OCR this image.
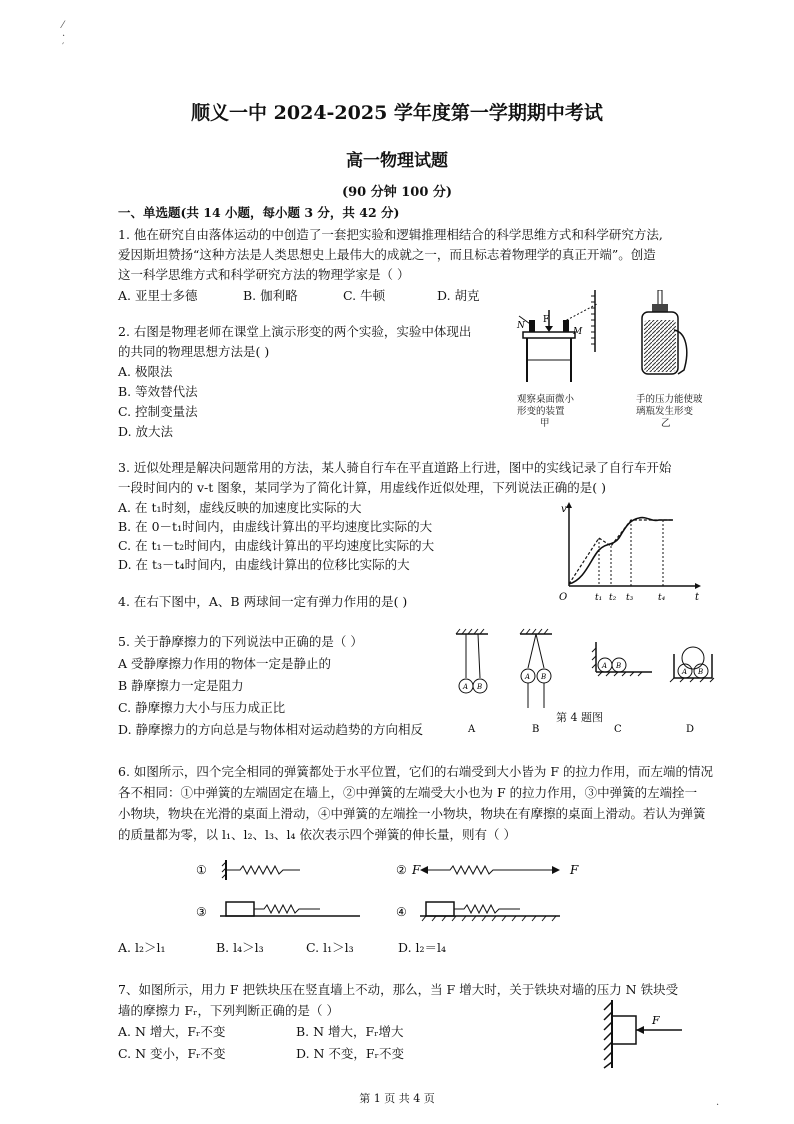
⁄
·
′
顺义一中 2024-2025 学年度第一学期期中考试
高一物理试题
(90 分钟 100 分)
一、单选题(共 14 小题，每小题 3 分，共 42 分)
1. 他在研究自由落体运动的中创造了一套把实验和逻辑推理相结合的科学思维方式和科学研究方法,
爱因斯坦赞扬“这种方法是人类思想史上最伟大的成就之一，而且标志着物理学的真正开端”。创造
这一科学思维方式和科学研究方法的物理学家是（ ）
A. 亚里士多德	B. 伽利略	C. 牛顿	D. 胡克
2. 右图是物理老师在课堂上演示形变的两个实验，实验中体现出
的共同的物理思想方法是( )
A. 极限法
B. 等效替代法
C. 控制变量法
D. 放大法
N
M
F
观察桌面微小
形变的装置
甲
手的压力能使玻
璃瓶发生形变
乙
3. 近似处理是解决问题常用的方法，某人骑自行车在平直道路上行进，图中的实线记录了自行车开始
一段时间内的 v-t 图象，某同学为了简化计算，用虚线作近似处理，下列说法正确的是( )
A. 在 t₁时刻，虚线反映的加速度比实际的大
B. 在 0－t₁时间内，由虚线计算出的平均速度比实际的大
C. 在 t₁－t₂时间内，由虚线计算出的平均速度比实际的大
D. 在 t₃－t₄时间内，由虚线计算出的位移比实际的大
v
O	t
t₁ t₂ t₃	t₄
4. 在右下图中，A、B 两球间一定有弹力作用的是( )
5. 关于静摩擦力的下列说法中正确的是（ ）
A 受静摩擦力作用的物体一定是静止的
B 静摩擦力一定是阻力
C. 静摩擦力大小与压力成正比
D. 静摩擦力的方向总是与物体相对运动趋势的方向相反
A B
A
A B
B
A B
C
A B
D
第 4 题图
6. 如图所示，四个完全相同的弹簧都处于水平位置，它们的右端受到大小皆为 F 的拉力作用，而左端的情况
各不相同：①中弹簧的左端固定在墙上，②中弹簧的左端受大小也为 F 的拉力作用，③中弹簧的左端拴一
小物块，物块在光滑的桌面上滑动，④中弹簧的左端拴一小物块，物块在有摩擦的桌面上滑动。若认为弹簧
的质量都为零，以 l₁、l₂、l₃、l₄ 依次表示四个弹簧的伸长量，则有（ ）
①	② F	F
③	④
A. l₂＞l₁	B. l₄＞l₃	C. l₁＞l₃	D. l₂＝l₄
7、如图所示，用力 F 把铁块压在竖直墙上不动，那么，当 F 增大时，关于铁块对墙的压力 N 铁块受
墙的摩擦力 Fᵣ，下列判断正确的是（ ）
A. N 增大，Fᵣ不变	B. N 增大，Fᵣ增大
C. N 变小，Fᵣ不变	D. N 不变，Fᵣ不变
F
第 1 页 共 4 页
·
